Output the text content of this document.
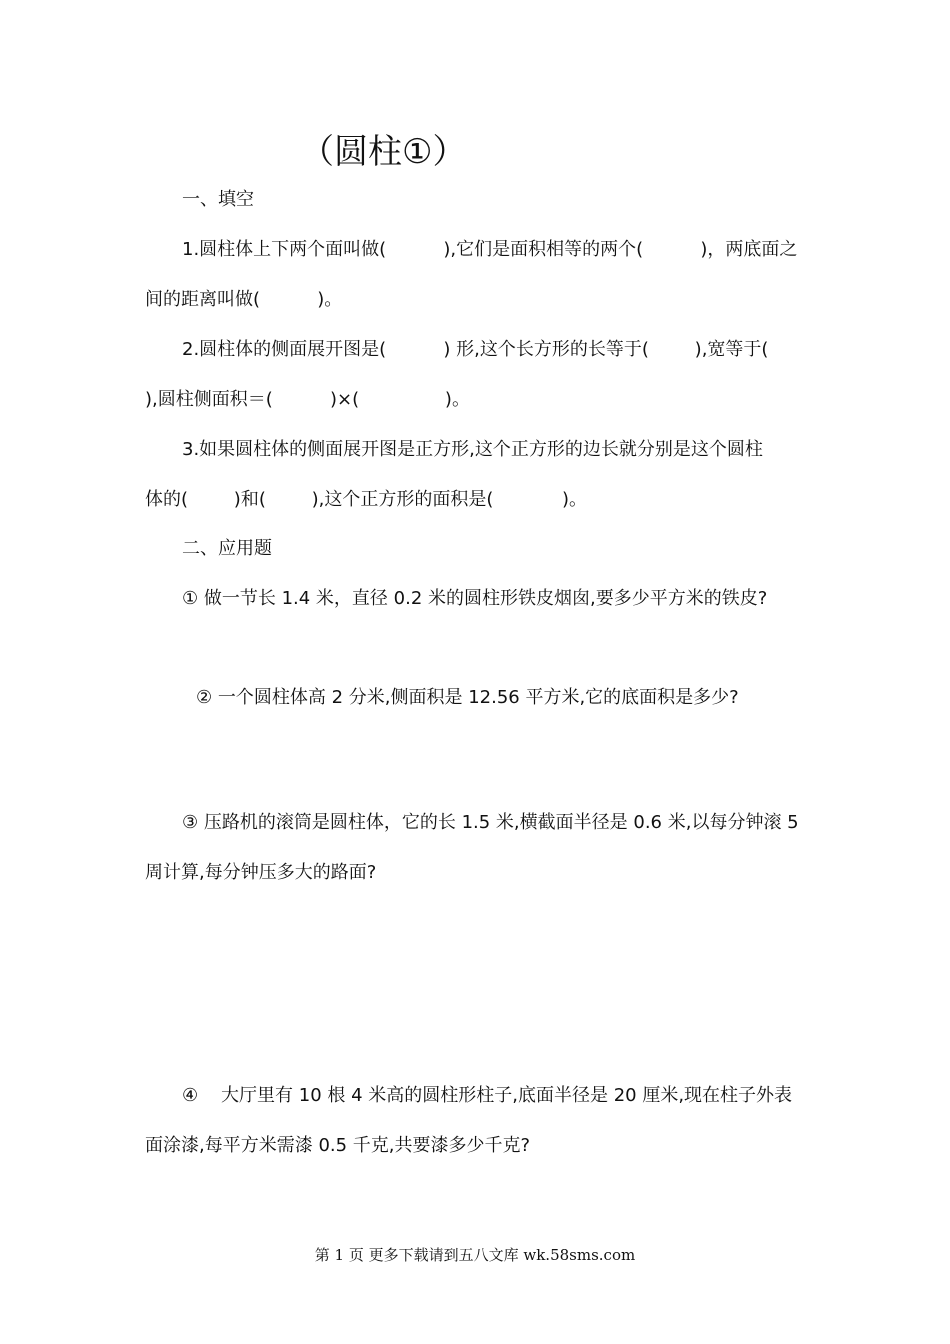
（圆柱①）
一、填空
1.圆柱体上下两个面叫做(          ),它们是面积相等的两个(          )，两底面之
间的距离叫做(          )。
2.圆柱体的侧面展开图是(          ) 形,这个长方形的长等于(        ),宽等于(
),圆柱侧面积＝(          )×(               )。
3.如果圆柱体的侧面展开图是正方形,这个正方形的边长就分别是这个圆柱
体的(        )和(        ),这个正方形的面积是(            )。
二、应用题
① 做一节长 1.4 米，直径 0.2 米的圆柱形铁皮烟囱,要多少平方米的铁皮?
② 一个圆柱体高 2 分米,侧面积是 12.56 平方米,它的底面积是多少?
③ 压路机的滚筒是圆柱体，它的长 1.5 米,横截面半径是 0.6 米,以每分钟滚 5
周计算,每分钟压多大的路面?
④    大厅里有 10 根 4 米高的圆柱形柱子,底面半径是 20 厘米,现在柱子外表
面涂漆,每平方米需漆 0.5 千克,共要漆多少千克?
第 1 页 更多下载请到五八文库 wk.58sms.com
